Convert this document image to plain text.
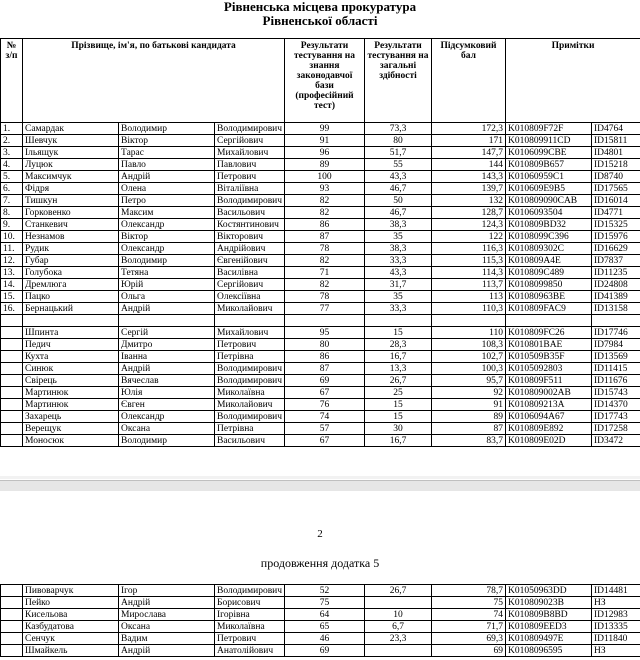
Рівненська місцева прокуратура
Рівненської області
№ з/п	Прізвище, ім'я, по батькові кандидата			Результати тестування на знання законодавчої бази (професійний тест)	Результати тестування на загальні здібності	Підсумковий бал	Примітки	
1.	Самардак	Володимир	Володимирович	99	73,3	172,3	K010809F72F	ID4764
2.	Шевчук	Віктор	Сергійович	91	80	171	K010809911CD	ID15811
3.	Ільящук	Тарас	Михайлович	96	51,7	147,7	K0106099CBE	ID4801
4.	Луцюк	Павло	Павлович	89	55	144	K010809B657	ID15218
5.	Максимчук	Андрій	Петрович	100	43,3	143,3	K01060959C1	ID8740
6.	Фідря	Олена	Віталіївна	93	46,7	139,7	K010609E9B5	ID17565
7.	Тишкун	Петро	Володимирович	82	50	132	K010809090CAB	ID16014
8.	Горковенко	Максим	Васильович	82	46,7	128,7	K010609350​4	ID4771
9.	Станкевич	Олександр	Костянтинович	86	38,3	124,3	K010809BD32	ID15325
10.	Незнамов	Віктор	Вікторович	87	35	122	K0108099C396	ID15976
11.	Рудик	Олександр	Андрійович	78	38,3	116,3	K010809302C	ID16629
12.	Губар	Володимир	Євгенійович	82	33,3	115,3	K010809A4E	ID7837
13.	Голубока	Тетяна	Василівна	71	43,3	114,3	K010809C489	ID11235
14.	Дремлюга	Юрій	Сергійович	82	31,7	113,7	K010809985​0	ID24808
15.	Пацко	Ольга	Олексіївна	78	35	113	K0108096​3BE	ID41389
16.	Бернацький	Андрій	Миколайович	77	33,3	110,3	K010809FAC9	ID13158

	Шпинта	Сергій	Михайлович	95	15	110	K010809FC26	ID17746
	Педич	Дмитро	Петрович	80	28,3	108,3	K010801BAE	ID7984
	Кухта	Іванна	Петрівна	86	16,7	102,7	K010509B35F	ID13569
	Синюк	Андрій	Володимирович	87	13,3	100,3	K010509280​3	ID11415
	Свірець	Вячеслав	Володимирович	69	26,7	95,7	K010809F511	ID11676
	Мартинюк	Юлія	Миколаївна	67	25	92	K010809002AB	ID15743
	Мартинюк	Євген	Миколайович	76	15	91	K010809213A	ID14370
	Захарець	Олександр	Володимирович	74	15	89	K0106094A67	ID17743
	Верещук	Оксана	Петрівна	57	30	87	K010809E892	ID17258
	Моносюк	Володимир	Васильович	67	16,7	83,7	K010809E02D	ID3472
2
продовження додатка 5
	Пивоварчук	Ігор	Володимирович	52	26,7	78,7	K0105096​3DD	ID14481
	Пейко	Андрій	Борисович	75		75	K0108090​23B	НЗ
	Кисельова	Мирослава	Ігорівна	64	10	74	K010809B8BD	ID12983
	Казбудатова	Оксана	Миколаївна	65	6,7	71,7	K010809EED3	ID13335
	Сенчук	Вадим	Петрович	46	23,3	69,3	K0108094​97E	ID11840
	Шмайкель	Андрій	Анатолійович	69		69	K0108096595	НЗ
